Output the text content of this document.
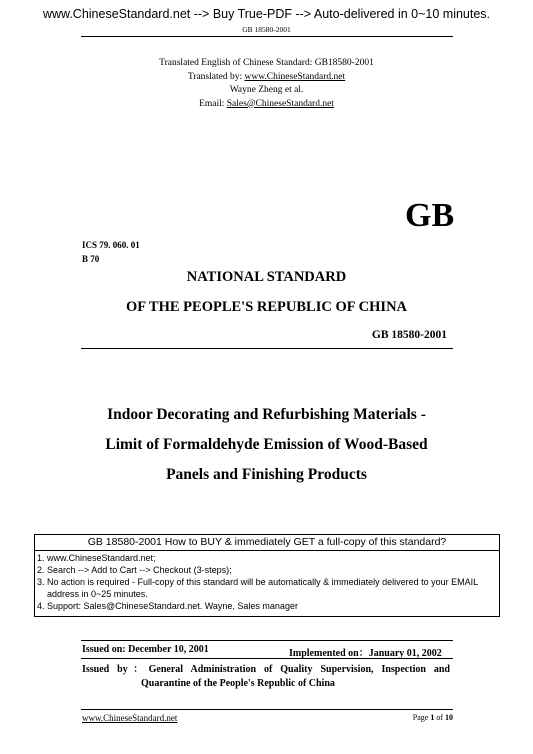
www.ChineseStandard.net --> Buy True-PDF --> Auto-delivered in 0~10 minutes.
GB 18580-2001
Translated English of Chinese Standard: GB18580-2001
Translated by: www.ChineseStandard.net
Wayne Zheng et al.
Email: Sales@ChineseStandard.net
GB
ICS 79. 060. 01
B 70
NATIONAL STANDARD
OF THE PEOPLE'S REPUBLIC OF CHINA
GB 18580-2001
Indoor Decorating and Refurbishing Materials -
Limit of Formaldehyde Emission of Wood-Based
Panels and Finishing Products
GB 18580-2001 How to BUY & immediately GET a full-copy of this standard?
1. www.ChineseStandard.net;
2. Search --> Add to Cart --> Checkout (3-steps);
3. No action is required - Full-copy of this standard will be automatically & immediately delivered to your EMAIL address in 0~25 minutes.
4. Support: Sales@ChineseStandard.net. Wayne, Sales manager
Issued on: December 10, 2001	Implemented on：January 01, 2002
Issued by：General Administration of Quality Supervision, Inspection and
Quarantine of the People's Republic of China
www.ChineseStandard.net	Page 1 of 10
